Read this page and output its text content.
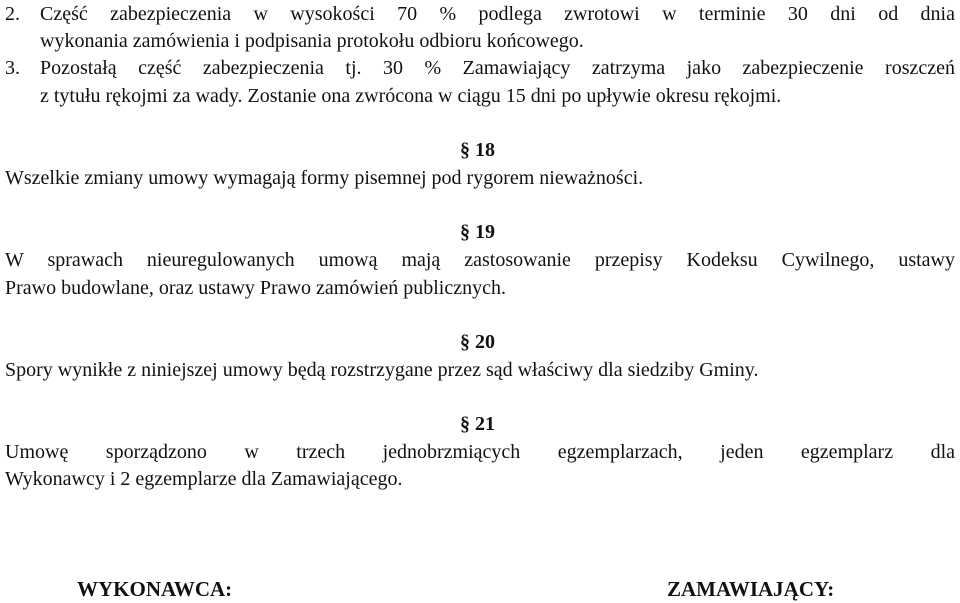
2. Część zabezpieczenia w wysokości 70 % podlega zwrotowi w terminie 30 dni od dnia
wykonania zamówienia i podpisania protokołu odbioru końcowego.
3. Pozostałą część zabezpieczenia tj. 30 % Zamawiający zatrzyma jako zabezpieczenie roszczeń
z tytułu rękojmi za wady. Zostanie ona zwrócona w ciągu 15 dni po upływie okresu rękojmi.
§ 18
Wszelkie zmiany umowy wymagają formy pisemnej pod rygorem nieważności.
§ 19
W sprawach nieuregulowanych umową mają zastosowanie przepisy Kodeksu Cywilnego, ustawy
Prawo budowlane, oraz ustawy Prawo zamówień publicznych.
§ 20
Spory wynikłe z niniejszej umowy będą rozstrzygane przez sąd właściwy dla siedziby Gminy.
§ 21
Umowę sporządzono w trzech jednobrzmiących egzemplarzach, jeden egzemplarz dla
Wykonawcy i 2 egzemplarze dla Zamawiającego.
WYKONAWCA:	ZAMAWIAJĄCY:
